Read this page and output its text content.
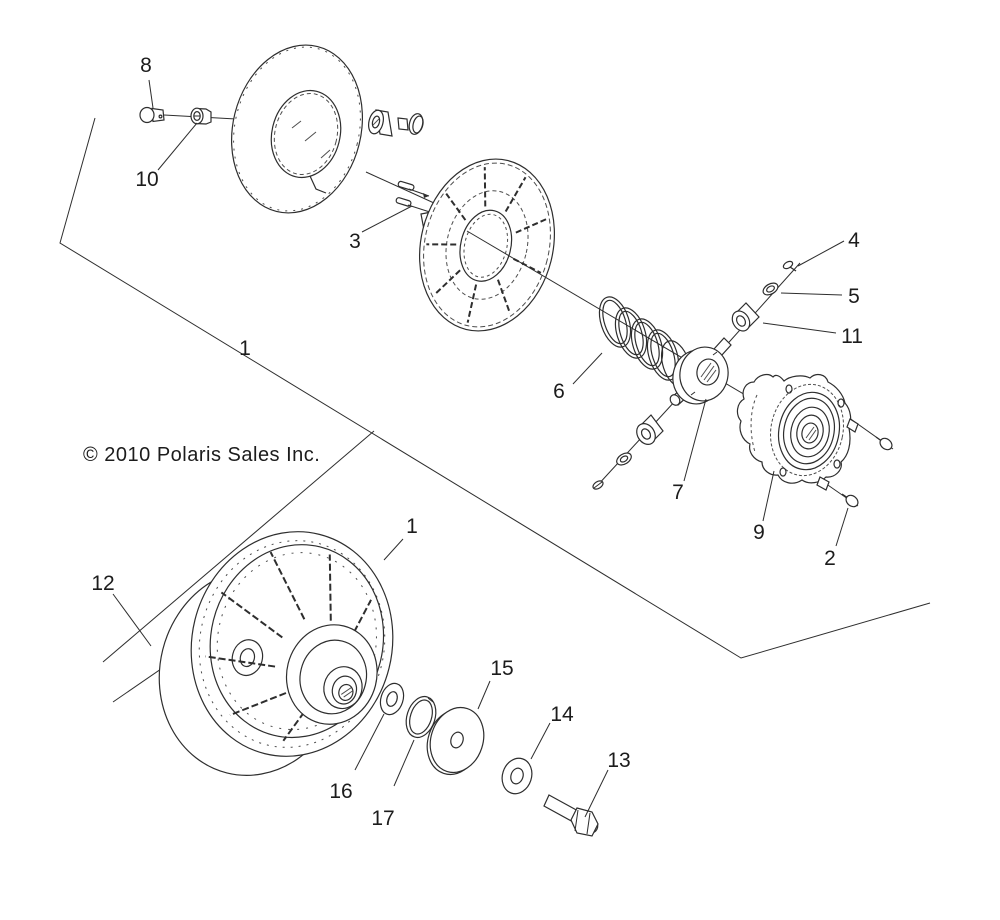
8
10
3
1
4
5
11
6
7
9
2
1
12
16
17
15
14
13
© 2010 Polaris Sales Inc.
